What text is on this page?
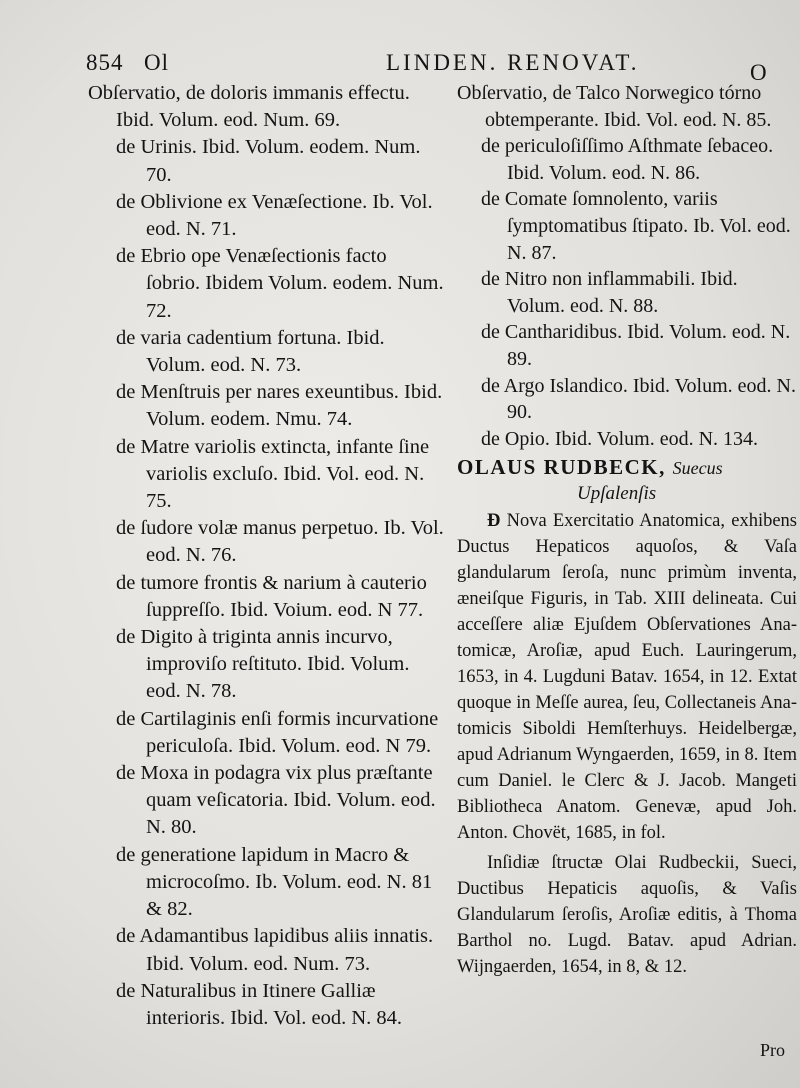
854 Ol	LINDEN. RENOVAT.	O

Obſervatio, de doloris immanis effectu. Ibid. Volum. eod. Num. 69.

de Urinis. Ibid. Volum. eodem. Num. 70.

de Oblivione ex Venæſectione. Ib. Vol. eod. N. 71.

de Ebrio ope Venæſectionis facto ſobrio. Ibidem Volum. eodem. Num. 72.

de varia cadentium fortuna. Ibid. Volum. eod. N. 73.

de Menſtruis per nares exeuntibus. Ibid. Volum. eodem. Nmu. 74.

de Matre variolis extincta, infante ſine variolis excluſo. Ibid. Vol. eod. N. 75.

de ſudore volæ manus perpetuo. Ib. Vol. eod. N. 76.

de tumore frontis & narium à cauterio ſuppreſſo. Ibid. Voium. eod. N 77.

de Digito à triginta annis incurvo, improviſo reſtituto. Ibid. Volum. eod. N. 78.

de Cartilaginis enſi formis incurvatione periculoſa. Ibid. Volum. eod. N 79.

de Moxa in podagra vix plus præſtante quam veſicatoria. Ibid. Volum. eod. N. 80.

de generatione lapidum in Macro & microcoſmo. Ib. Volum. eod. N. 81 & 82.

de Adamantibus lapidibus aliis innatis. Ibid. Volum. eod. Num. 73.

de Naturalibus in Itinere Galliæ interioris. Ibid. Vol. eod. N. 84.

Obſervatio, de Talco Norwegico tórno obtemperante. Ibid. Vol. eod. N. 85.

de periculoſiſſimo Aſthmate ſebaceo. Ibid. Volum. eod. N. 86.

de Comate ſomnolento, variis ſymptomatibus ſtipato. Ib. Vol. eod. N. 87.

de Nitro non inflammabili. Ibid. Volum. eod. N. 88.

de Cantharidibus. Ibid. Volum. eod. N. 89.

de Argo Islandico. Ibid. Volum. eod. N. 90.

de Opio. Ibid. Volum. eod. N. 134.

OLAUS RUDBECK, Suecus
Upſalenſis

Ð Nova Exercitatio Anatomica, exhibens Ductus Hepaticos aquoſos, & Vaſa glandularum ſeroſa, nunc primùm inventa, æneiſque Figuris, in Tab. XIII delineata. Cui acceſſere aliæ Ejuſdem Obſervationes Anatomicæ, Aroſiæ, apud Euch. Lauringerum, 1653, in 4. Lugduni Batav. 1654, in 12. Extat quoque in Meſſe aurea, ſeu, Collectaneis Anatomicis Siboldi Hemſterhuys. Heidelbergæ, apud Adrianum Wyngaerden, 1659, in 8. Item cum Daniel. le Clerc & J. Jacob. Mangeti Bibliotheca Anatom. Genevæ, apud Joh. Anton. Chovët, 1685, in fol.

Inſidiæ ſtructæ Olai Rudbeckii, Sueci, Ductibus Hepaticis aquoſis, & Vaſis Glandularum ſeroſis, Aroſiæ editis, à Thoma Barthol no. Lugd. Batav. apud Adrian. Wijngaerden, 1654, in 8, & 12.

Pro
